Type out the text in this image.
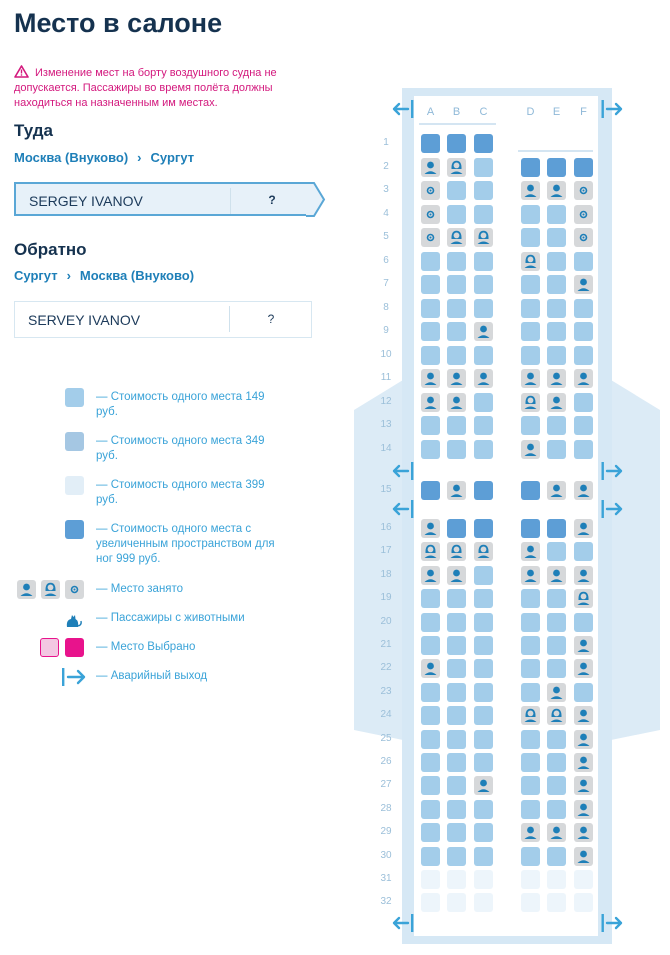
Место в салоне
Изменение мест на борту воздушного судна не допускается. Пассажиры во время полёта должны находиться на назначенным им местах.
Туда
Москва (Внуково) › Сургут
SERGEY IVANOV	?
Обратно
Сургут › Москва (Внуково)
SERVEY IVANOV	?
— Стоимость одного места 149 руб.
— Стоимость одного места 349 руб.
— Стоимость одного места 399 руб.
— Стоимость одного места с увеличенным пространством для ног 999 руб.
— Место занято
— Пассажиры с животными
— Место Выбрано
— Аварийный выход
A	B	C	D	E	F
1
2
3
4
5
6
7
8
9
10
11
12
13
14
15
16
17
18
19
20
21
22
23
24
25
26
27
28
29
30
31
32
